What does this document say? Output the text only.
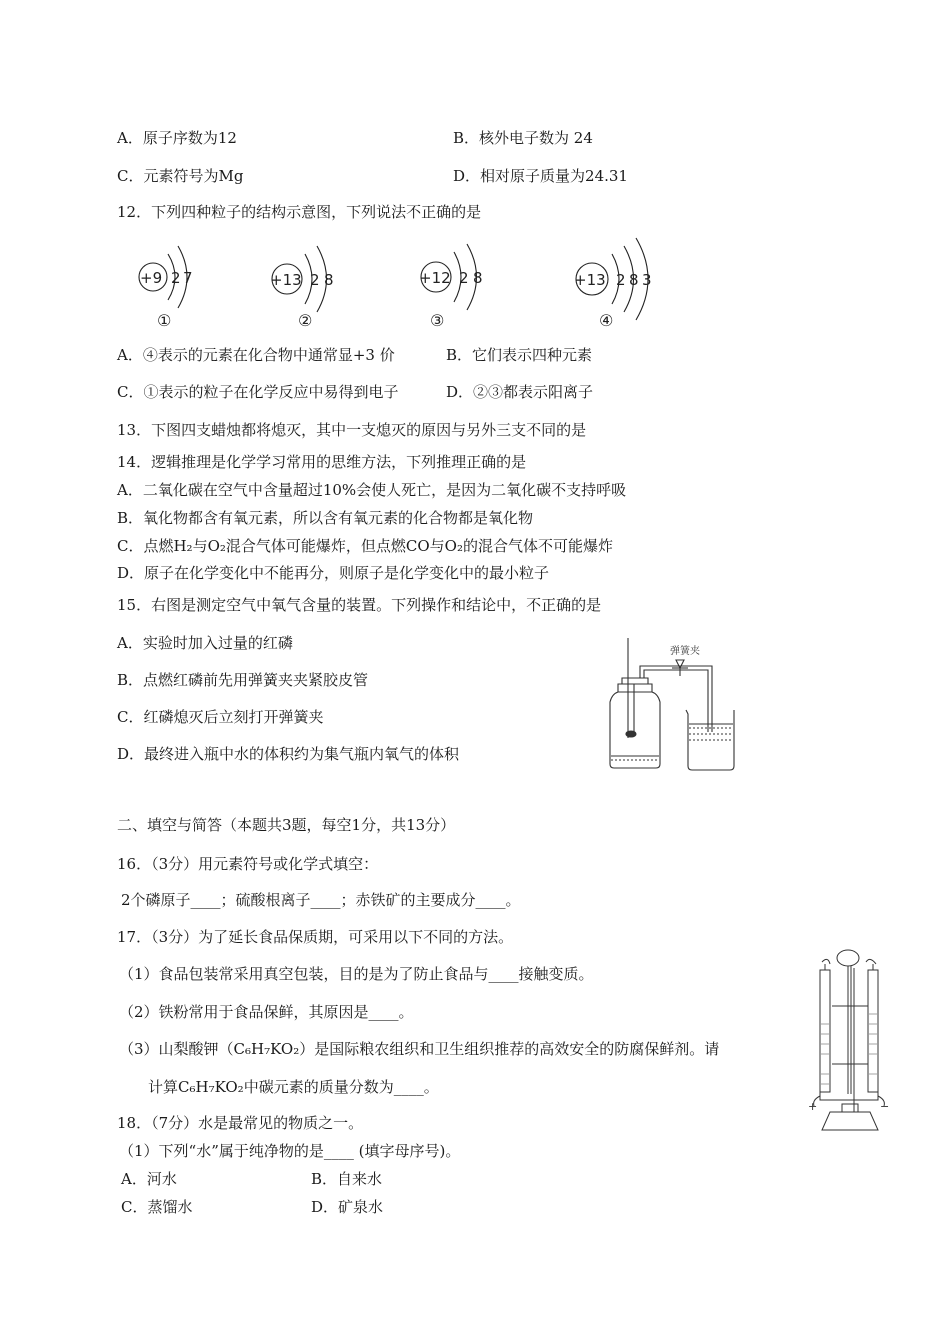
A．原子序数为12	B．核外电子数为 24
C．元素符号为Mg	D．相对原子质量为24.31
12．下列四种粒子的结构示意图，下列说法不正确的是
+9 2 7	+13 2 8	+12 2 8	+13 2 8 3
①	②	③	④
A．④表示的元素在化合物中通常显+3 价	B．它们表示四种元素
C．①表示的粒子在化学反应中易得到电子	D．②③都表示阳离子
13．下图四支蜡烛都将熄灭，其中一支熄灭的原因与另外三支不同的是
14．逻辑推理是化学学习常用的思维方法，下列推理正确的是
A．二氧化碳在空气中含量超过10%会使人死亡，是因为二氧化碳不支持呼吸
B．氧化物都含有氧元素，所以含有氧元素的化合物都是氧化物
C．点燃H₂与O₂混合气体可能爆炸，但点燃CO与O₂的混合气体不可能爆炸
D．原子在化学变化中不能再分，则原子是化学变化中的最小粒子
15．右图是测定空气中氧气含量的装置。下列操作和结论中，不正确的是
A．实验时加入过量的红磷
B．点燃红磷前先用弹簧夹夹紧胶皮管
C．红磷熄灭后立刻打开弹簧夹
D．最终进入瓶中水的体积约为集气瓶内氧气的体积
弹簧夹
二、填空与简答（本题共3题，每空1分，共13分）
16．（3分）用元素符号或化学式填空：
2个磷原子____；硫酸根离子____；赤铁矿的主要成分____。
17．（3分）为了延长食品保质期，可采用以下不同的方法。
（1）食品包装常采用真空包装，目的是为了防止食品与____接触变质。
（2）铁粉常用于食品保鲜，其原因是____。
（3）山梨酸钾（C₆H₇KO₂）是国际粮农组织和卫生组织推荐的高效安全的防腐保鲜剂。请
计算C₆H₇KO₂中碳元素的质量分数为____。
+	−
18．（7分）水是最常见的物质之一。
（1）下列“水”属于纯净物的是____ (填字母序号)。
A．河水	B．自来水
C．蒸馏水	D．矿泉水
